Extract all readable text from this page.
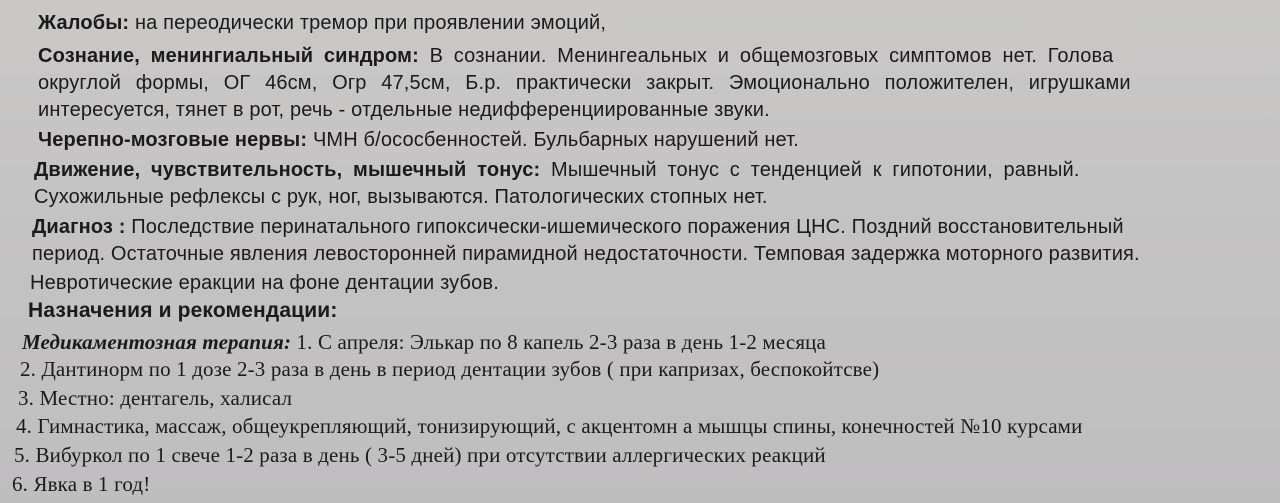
Жалобы: на переодически тремор при проявлении эмоций,
Сознание, менингиальный синдром: В сознании. Менингеальных и общемозговых симптомов нет. Голова
округлой формы, ОГ 46см, Огр 47,5см, Б.р. практически закрыт. Эмоционально положителен, игрушками
интересуется, тянет в рот, речь - отдельные недифференциированные звуки.
Черепно-мозговые нервы: ЧМН б/ососбенностей. Бульбарных нарушений нет.
Движение, чувствительность, мышечный тонус: Мышечный тонус с тенденцией к гипотонии, равный.
Сухожильные рефлексы с рук, ног, вызываются. Патологических стопных нет.
Диагноз : Последствие перинатального гипоксически-ишемического поражения ЦНС. Поздний восстановительный
период. Остаточные явления левосторонней пирамидной недостаточности. Темповая задержка моторного развития.
Невротические еракции на фоне дентации зубов.
Назначения и рекомендации:
Медикаментозная терапия: 1. С апреля: Элькар по 8 капель 2-3 раза в день 1-2 месяца
2. Дантинорм по 1 дозе 2-3 раза в день в период дентации зубов ( при капризах, беспокойтсве)
3. Местно: дентагель, халисал
4. Гимнастика, массаж, общеукрепляющий, тонизирующий, с акцентомн а мышцы спины, конечностей №10 курсами
5. Вибуркол по 1 свече 1-2 раза в день ( 3-5 дней) при отсутствии аллергических реакций
6. Явка в 1 год!
